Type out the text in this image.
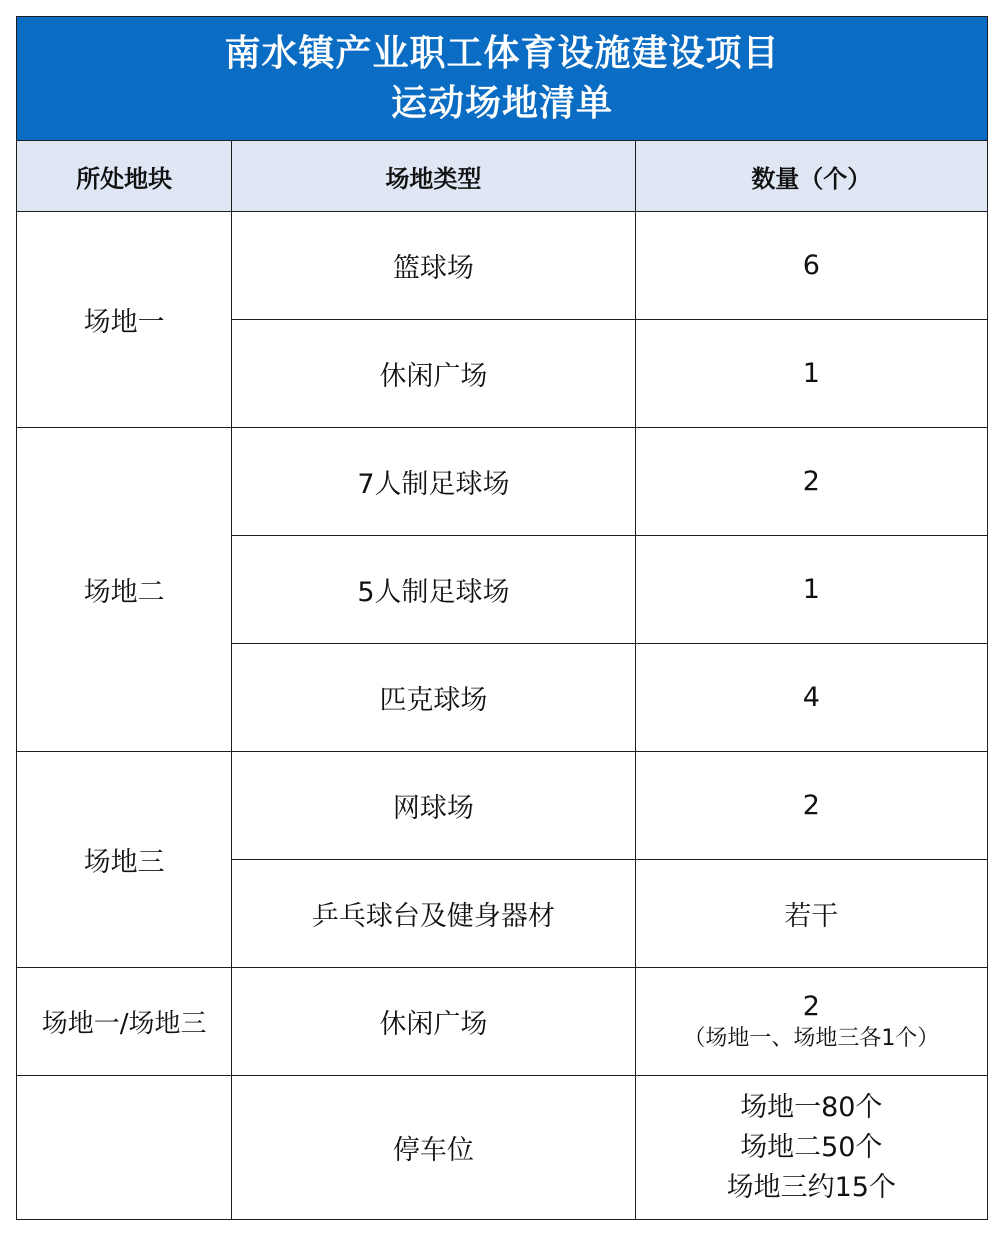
南水镇产业职工体育设施建设项目
运动场地清单
所处地块	场地类型	数量（个）
场地一	篮球场	6
	休闲广场	1
场地二	7人制足球场	2
	5人制足球场	1
	匹克球场	4
场地三	网球场	2
	乒乓球台及健身器材	若干
场地一/场地三	休闲广场	2
（场地一、场地三各1个）

	停车位	场地一80个
场地二50个
场地三约15个
